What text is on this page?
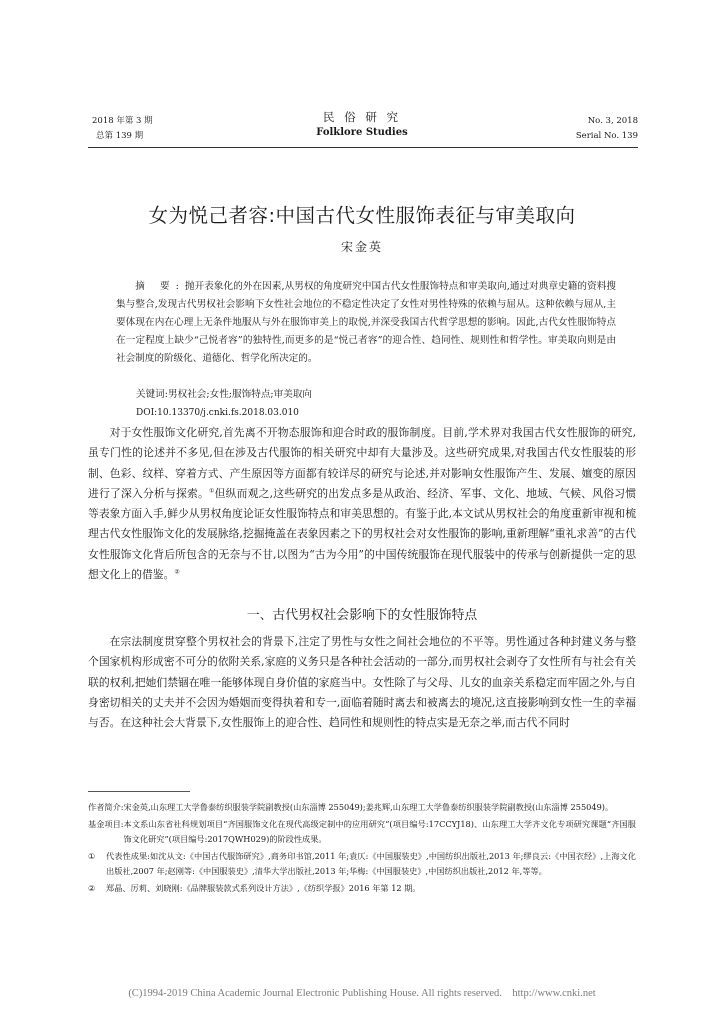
2018 年第 3 期
总第 139 期
民 俗 研 究
Folklore Studies
No. 3, 2018
Serial No. 139
女为悦己者容:中国古代女性服饰表征与审美取向
宋金英
摘 要:抛开表象化的外在因素,从男权的角度研究中国古代女性服饰特点和审美取向,通过对典章史籍的资料搜集与整合,发现古代男权社会影响下女性社会地位的不稳定性决定了女性对男性特殊的依赖与屈从。这种依赖与屈从,主要体现在内在心理上无条件地服从与外在服饰审美上的取悦,并深受我国古代哲学思想的影响。因此,古代女性服饰特点在一定程度上缺少“己悦者容”的独特性,而更多的是“悦己者容”的迎合性、趋同性、规则性和哲学性。审美取向则是由社会制度的阶级化、道德化、哲学化所决定的。
关键词:男权社会;女性;服饰特点;审美取向
DOI:10.13370/j.cnki.fs.2018.03.010

对于女性服饰文化研究,首先离不开物态服饰和迎合时政的服饰制度。目前,学术界对我国古代女性服饰的研究,虽专门性的论述并不多见,但在涉及古代服饰的相关研究中却有大量涉及。这些研究成果,对我国古代女性服装的形制、色彩、纹样、穿着方式、产生原因等方面都有较详尽的研究与论述,并对影响女性服饰产生、发展、嬗变的原因进行了深入分析与探索。①但纵而观之,这些研究的出发点多是从政治、经济、军事、文化、地域、气候、风俗习惯等表象方面入手,鲜少从男权角度论证女性服饰特点和审美思想的。有鉴于此,本文试从男权社会的角度重新审视和梳理古代女性服饰文化的发展脉络,挖掘掩盖在表象因素之下的男权社会对女性服饰的影响,重新理解“重礼求善”的古代女性服饰文化背后所包含的无奈与不甘,以图为“古为今用”的中国传统服饰在现代服装中的传承与创新提供一定的思想文化上的借鉴。②

一、古代男权社会影响下的女性服饰特点

在宗法制度贯穿整个男权社会的背景下,注定了男性与女性之间社会地位的不平等。男性通过各种封建义务与整个国家机构形成密不可分的依附关系,家庭的义务只是各种社会活动的一部分,而男权社会剥夺了女性所有与社会有关联的权利,把她们禁锢在唯一能够体现自身价值的家庭当中。女性除了与父母、儿女的血亲关系稳定而牢固之外,与自身密切相关的丈夫并不会因为婚姻而变得执着和专一,面临着随时离去和被离去的境况,这直接影响到女性一生的幸福与否。在这种社会大背景下,女性服饰上的迎合性、趋同性和规则性的特点实是无奈之举,而古代不同时

作者简介: 宋金英,山东理工大学鲁泰纺织服装学院副教授(山东淄博 255049);姜兆辉,山东理工大学鲁泰纺织服装学院副教授(山东淄博 255049)。
基金项目: 本文系山东省社科规划项目“齐国服饰文化在现代高级定制中的应用研究”(项目编号:17CCYJ18)、山东理工大学齐文化专项研究课题“齐国服饰文化研究”(项目编号:2017QWH029)的阶段性成果。
①	代表性成果:如沈从文:《中国古代服饰研究》,商务印书馆,2011 年;袁仄:《中国服装史》,中国纺织出版社,2013 年;缪良云:《中国衣经》,上海文化出版社,2007 年;赵刚等:《中国服装史》,清华大学出版社,2013 年;华梅:《中国服装史》,中国纺织出版社,2012 年,等等。
②	郑晶、厉莉、刘晓刚:《品牌服装款式系列设计方法》,《纺织学报》2016 年第 12 期。
(C)1994-2019 China Academic Journal Electronic Publishing House. All rights reserved.    http://www.cnki.net
